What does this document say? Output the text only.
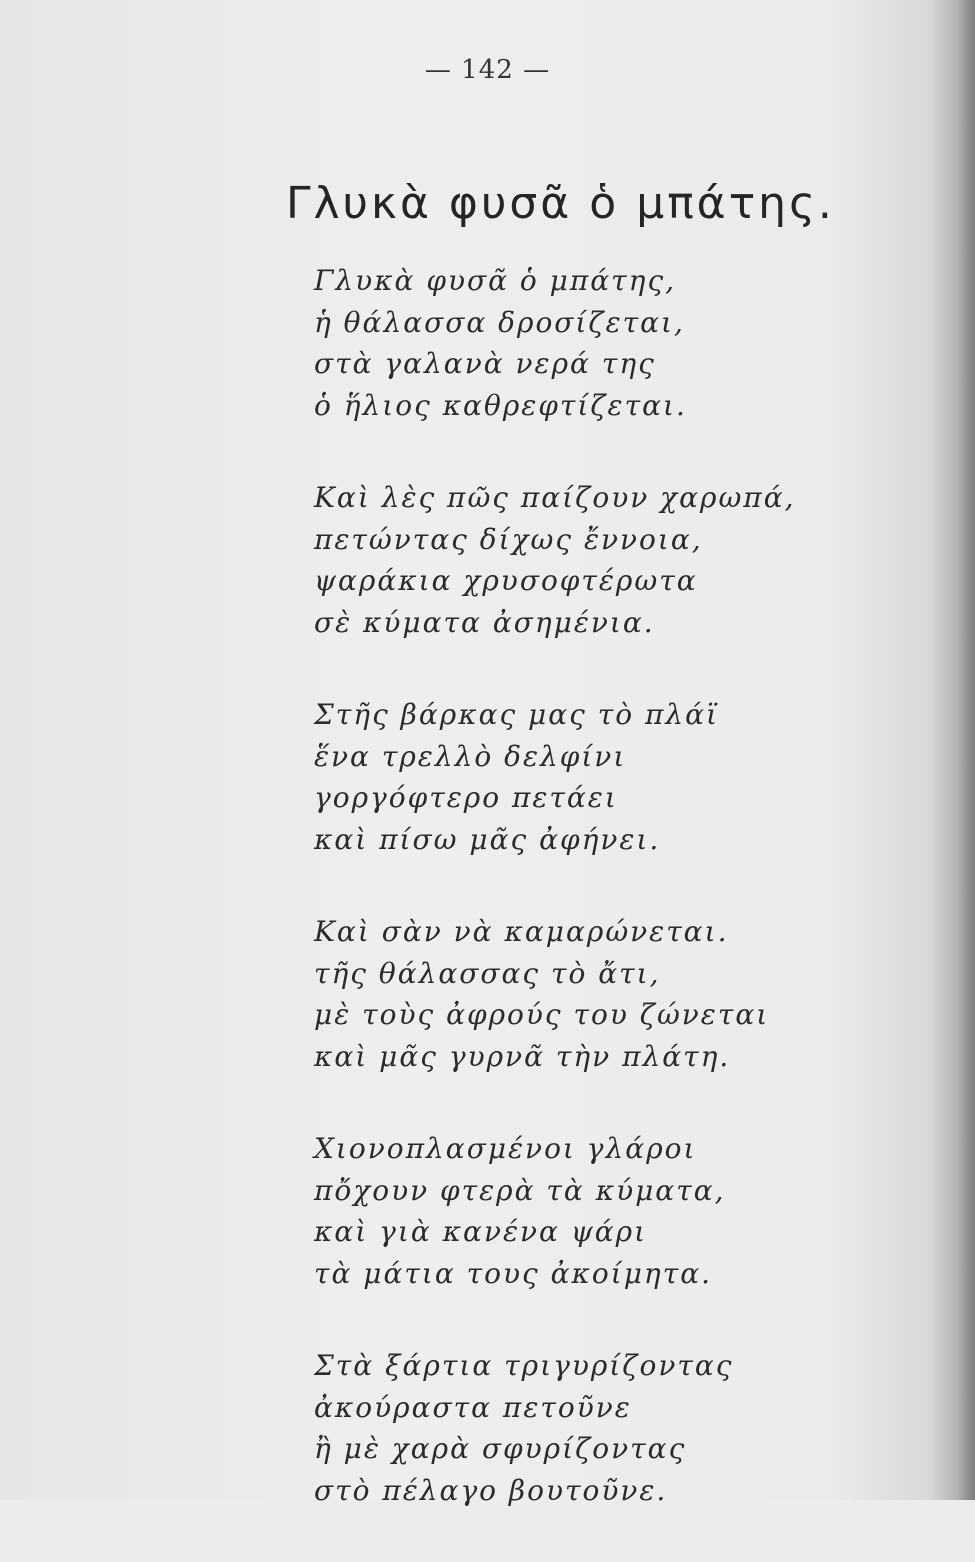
— 142 —
Γλυκὰ φυσᾶ ὁ μπάτης.
Γλυκὰ φυσᾶ ὁ μπάτης,
ἡ θάλασσα δροσίζεται,
στὰ γαλανὰ νερά της
ὁ ἥλιος καθρεφτίζεται.
Καὶ λὲς πῶς παίζουν χαρωπά,
πετώντας δίχως ἔννοια,
ψαράκια χρυσοφτέρωτα
σὲ κύματα ἀσημένια.
Στῆς βάρκας μας τὸ πλάϊ
ἕνα τρελλὸ δελφίνι
γοργόφτερο πετάει
καὶ πίσω μᾶς ἀφήνει.
Καὶ σὰν νὰ καμαρώνεται.
τῆς θάλασσας τὸ ἄτι,
μὲ τοὺς ἀφρούς του ζώνεται
καὶ μᾶς γυρνᾶ τὴν πλάτη.
Χιονοπλασμένοι γλάροι
πὄχουν φτερὰ τὰ κύματα,
καὶ γιὰ κανένα ψάρι
τὰ μάτια τους ἀκοίμητα.
Στὰ ξάρτια τριγυρίζοντας
ἀκούραστα πετοῦνε
ἢ μὲ χαρὰ σφυρίζοντας
στὸ πέλαγο βουτοῦνε.
